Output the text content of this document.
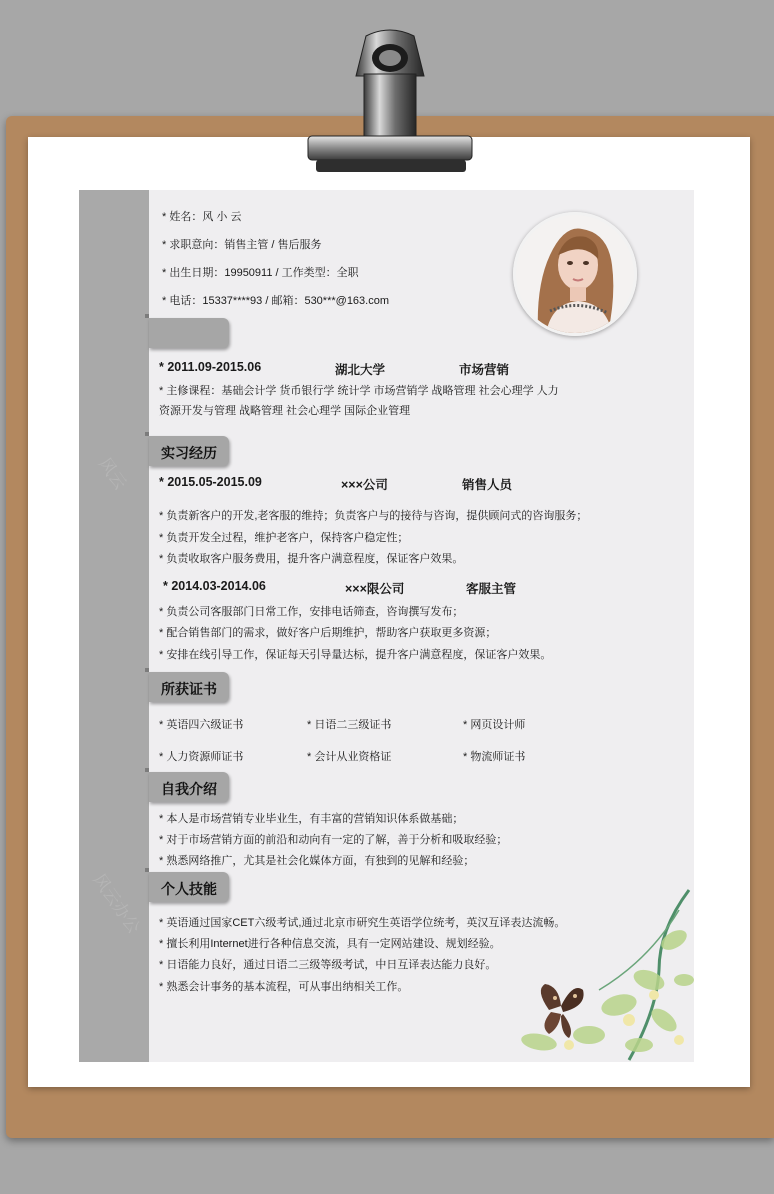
风云
风云办公
* 姓名：风 小 云
* 求职意向：销售主管 / 售后服务
* 出生日期：19950911 / 工作类型：全职
* 电话：15337****93 / 邮箱：530***@163.com
* 2011.09-2015.06	湖北大学	市场营销
* 主修课程：基础会计学 货币银行学 统计学 市场营销学 战略管理 社会心理学 人力
资源开发与管理 战略管理 社会心理学 国际企业管理
实习经历
* 2015.05-2015.09	×××公司	销售人员
* 负责新客户的开发,老客服的维持；负责客户与的接待与咨询，提供顾问式的咨询服务；
* 负责开发全过程，维护老客户，保持客户稳定性；
* 负责收取客户服务费用，提升客户满意程度，保证客户效果。
* 2014.03-2014.06	×××限公司	客服主管
* 负责公司客服部门日常工作，安排电话筛查，咨询撰写发布；
* 配合销售部门的需求，做好客户后期维护，帮助客户获取更多资源；
* 安排在线引导工作，保证每天引导量达标，提升客户满意程度，保证客户效果。
所获证书
* 英语四六级证书	* 日语二三级证书	* 网页设计师
* 人力资源师证书	* 会计从业资格证	* 物流师证书
自我介绍
* 本人是市场营销专业毕业生，有丰富的营销知识体系做基础；
* 对于市场营销方面的前沿和动向有一定的了解，善于分析和吸取经验；
* 熟悉网络推广，尤其是社会化媒体方面，有独到的见解和经验；
个人技能
* 英语通过国家CET六级考试,通过北京市研究生英语学位统考，英汉互译表达流畅。
* 擅长利用Internet进行各种信息交流，具有一定网站建设、规划经验。
* 日语能力良好，通过日语二三级等级考试，中日互译表达能力良好。
* 熟悉会计事务的基本流程，可从事出纳相关工作。
